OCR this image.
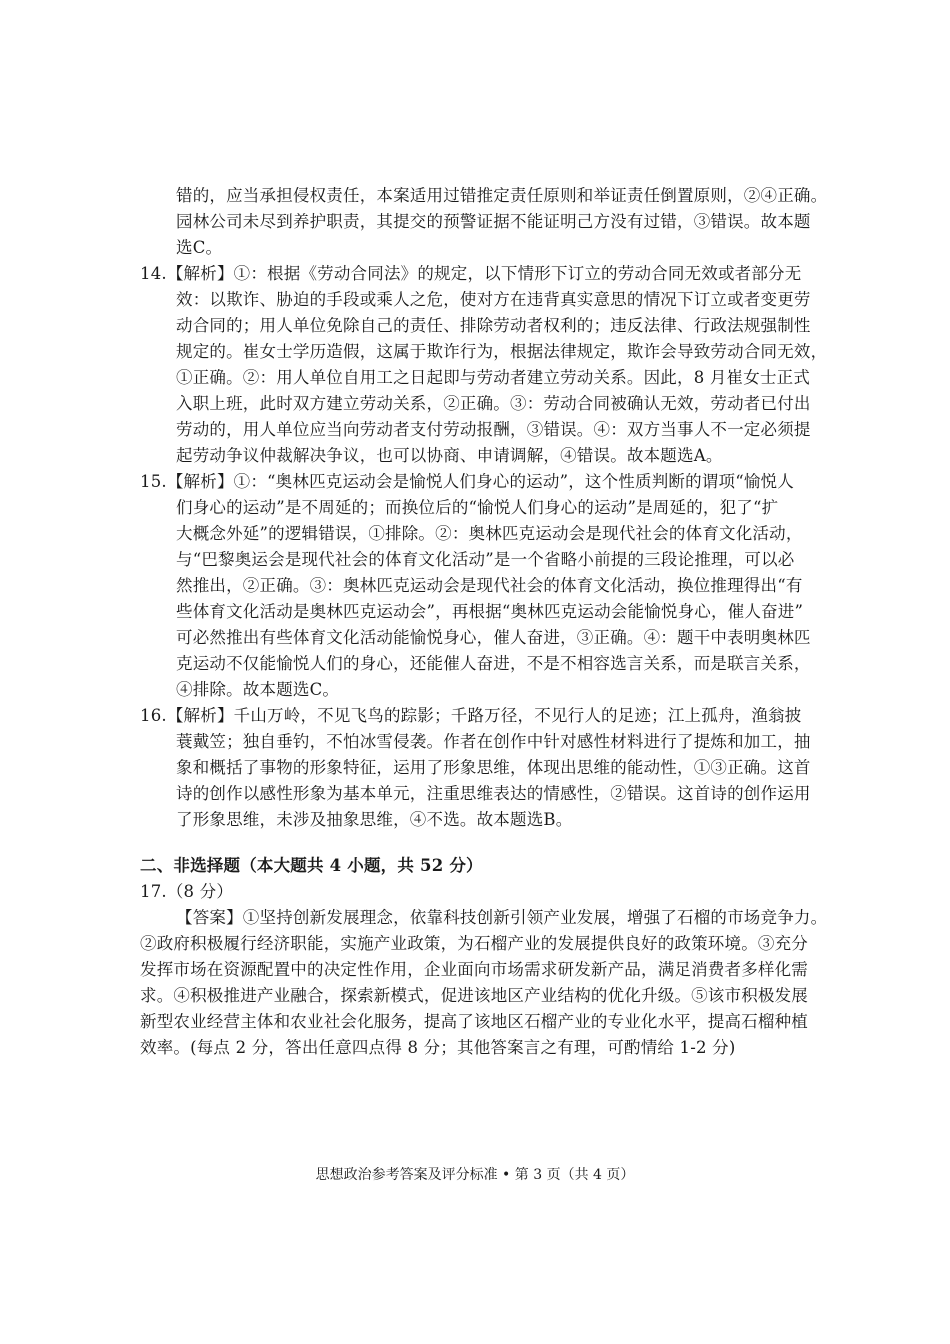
错的，应当承担侵权责任，本案适用过错推定责任原则和举证责任倒置原则，②④正确。
园林公司未尽到养护职责，其提交的预警证据不能证明己方没有过错，③错误。故本题
选C。
14.【解析】①：根据《劳动合同法》的规定，以下情形下订立的劳动合同无效或者部分无
效：以欺诈、胁迫的手段或乘人之危，使对方在违背真实意思的情况下订立或者变更劳
动合同的；用人单位免除自己的责任、排除劳动者权利的；违反法律、行政法规强制性
规定的。崔女士学历造假，这属于欺诈行为，根据法律规定，欺诈会导致劳动合同无效，
①正确。②：用人单位自用工之日起即与劳动者建立劳动关系。因此，8 月崔女士正式
入职上班，此时双方建立劳动关系，②正确。③：劳动合同被确认无效，劳动者已付出
劳动的，用人单位应当向劳动者支付劳动报酬，③错误。④：双方当事人不一定必须提
起劳动争议仲裁解决争议，也可以协商、申请调解，④错误。故本题选A。
15.【解析】①：“奥林匹克运动会是愉悦人们身心的运动”，这个性质判断的谓项“愉悦人
们身心的运动”是不周延的；而换位后的“愉悦人们身心的运动”是周延的，犯了“扩
大概念外延”的逻辑错误，①排除。②：奥林匹克运动会是现代社会的体育文化活动，
与“巴黎奥运会是现代社会的体育文化活动”是一个省略小前提的三段论推理，可以必
然推出，②正确。③：奥林匹克运动会是现代社会的体育文化活动，换位推理得出“有
些体育文化活动是奥林匹克运动会”，再根据“奥林匹克运动会能愉悦身心，催人奋进”
可必然推出有些体育文化活动能愉悦身心，催人奋进，③正确。④：题干中表明奥林匹
克运动不仅能愉悦人们的身心，还能催人奋进，不是不相容选言关系，而是联言关系，
④排除。故本题选C。
16.【解析】千山万岭，不见飞鸟的踪影；千路万径，不见行人的足迹；江上孤舟，渔翁披
蓑戴笠；独自垂钓，不怕冰雪侵袭。作者在创作中针对感性材料进行了提炼和加工，抽
象和概括了事物的形象特征，运用了形象思维，体现出思维的能动性，①③正确。这首
诗的创作以感性形象为基本单元，注重思维表达的情感性，②错误。这首诗的创作运用
了形象思维，未涉及抽象思维，④不选。故本题选B。
二、非选择题（本大题共 4 小题，共 52 分）
17.（8 分）
【答案】①坚持创新发展理念，依靠科技创新引领产业发展，增强了石榴的市场竞争力。
②政府积极履行经济职能，实施产业政策，为石榴产业的发展提供良好的政策环境。③充分
发挥市场在资源配置中的决定性作用，企业面向市场需求研发新产品，满足消费者多样化需
求。④积极推进产业融合，探索新模式，促进该地区产业结构的优化升级。⑤该市积极发展
新型农业经营主体和农业社会化服务，提高了该地区石榴产业的专业化水平，提高石榴种植
效率。(每点 2 分，答出任意四点得 8 分；其他答案言之有理，可酌情给 1-2 分)
思想政治参考答案及评分标准 • 第 3 页（共 4 页）
